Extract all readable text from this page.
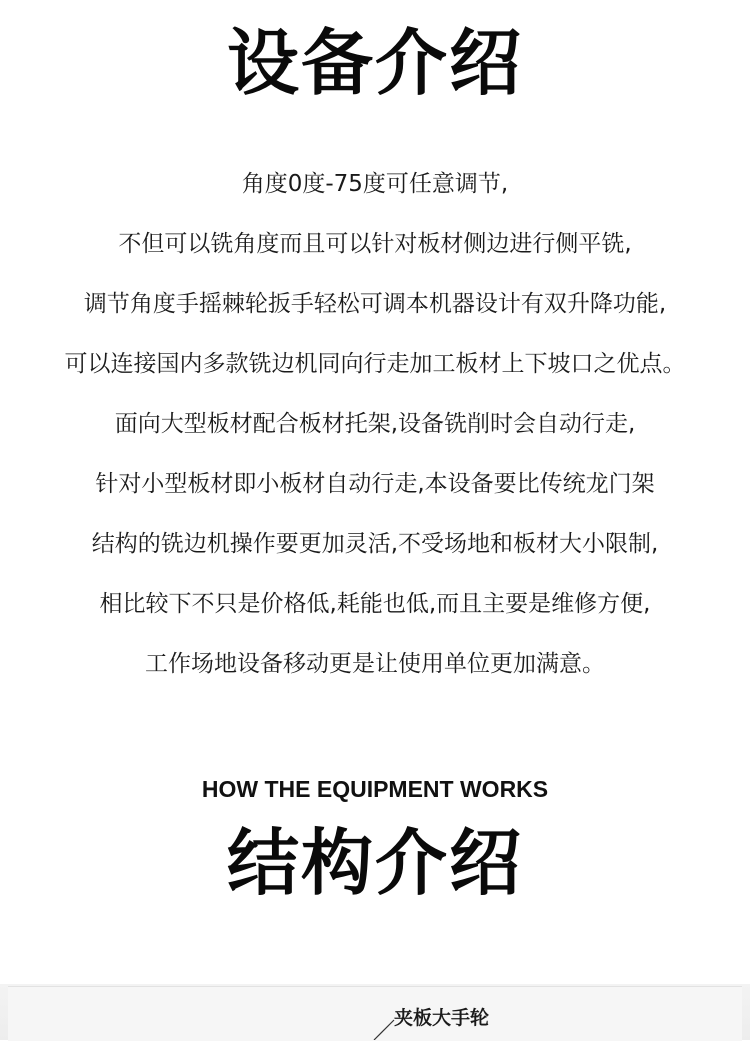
设备介绍
角度0度-75度可任意调节,
不但可以铣角度而且可以针对板材侧边进行侧平铣,
调节角度手摇棘轮扳手轻松可调本机器设计有双升降功能,
可以连接国内多款铣边机同向行走加工板材上下坡口之优点。
面向大型板材配合板材托架,设备铣削时会自动行走,
针对小型板材即小板材自动行走,本设备要比传统龙门架
结构的铣边机操作要更加灵活,不受场地和板材大小限制,
相比较下不只是价格低,耗能也低,而且主要是维修方便,
工作场地设备移动更是让使用单位更加满意。
HOW THE EQUIPMENT WORKS
结构介绍
夹板大手轮
